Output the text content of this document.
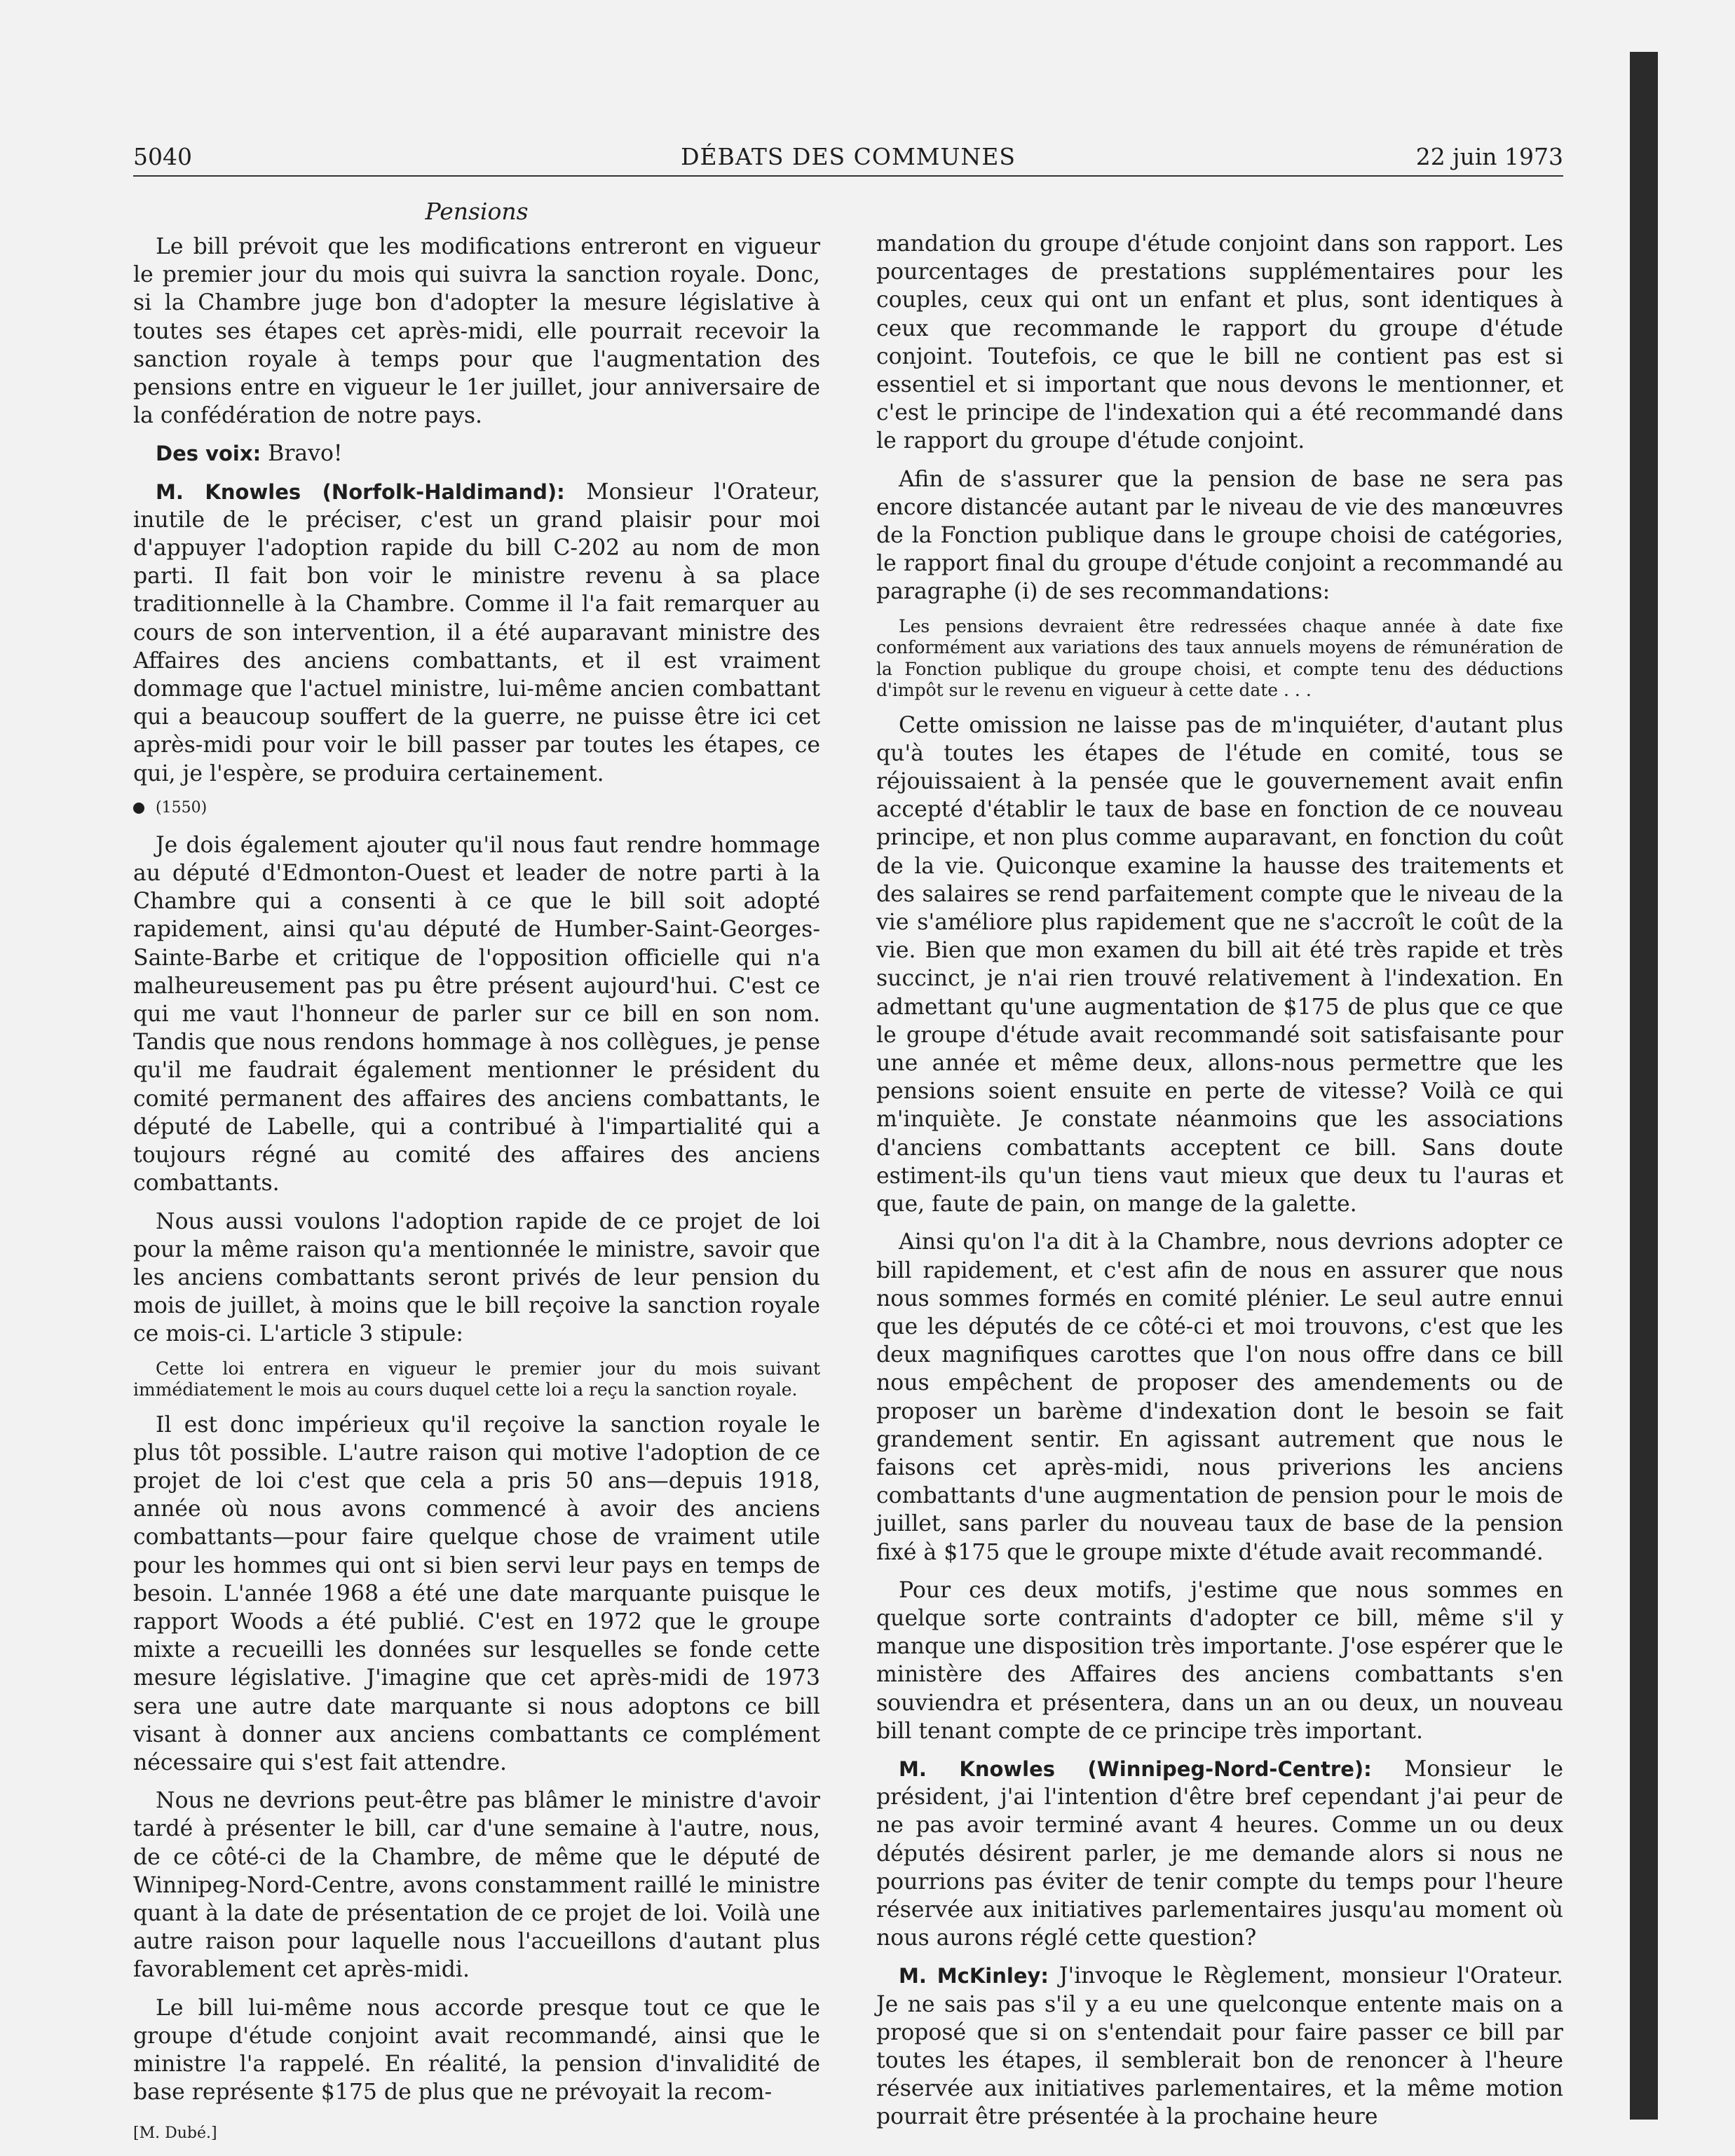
5040	DÉBATS DES COMMUNES	22 juin 1973
Pensions

Le bill prévoit que les modifications entreront en vigueur le premier jour du mois qui suivra la sanction royale. Donc, si la Chambre juge bon d'adopter la mesure législative à toutes ses étapes cet après-midi, elle pourrait recevoir la sanction royale à temps pour que l'augmentation des pensions entre en vigueur le 1er juillet, jour anniversaire de la confédération de notre pays.

Des voix: Bravo!

M. Knowles (Norfolk-Haldimand): Monsieur l'Orateur, inutile de le préciser, c'est un grand plaisir pour moi d'appuyer l'adoption rapide du bill C-202 au nom de mon parti. Il fait bon voir le ministre revenu à sa place traditionnelle à la Chambre. Comme il l'a fait remarquer au cours de son intervention, il a été auparavant ministre des Affaires des anciens combattants, et il est vraiment dommage que l'actuel ministre, lui-même ancien combattant qui a beaucoup souffert de la guerre, ne puisse être ici cet après-midi pour voir le bill passer par toutes les étapes, ce qui, je l'espère, se produira certainement.

(1550)

Je dois également ajouter qu'il nous faut rendre hommage au député d'Edmonton-Ouest et leader de notre parti à la Chambre qui a consenti à ce que le bill soit adopté rapidement, ainsi qu'au député de Humber-Saint-Georges-Sainte-Barbe et critique de l'opposition officielle qui n'a malheureusement pas pu être présent aujourd'hui. C'est ce qui me vaut l'honneur de parler sur ce bill en son nom. Tandis que nous rendons hommage à nos collègues, je pense qu'il me faudrait également mentionner le président du comité permanent des affaires des anciens combattants, le député de Labelle, qui a contribué à l'impartialité qui a toujours régné au comité des affaires des anciens combattants.

Nous aussi voulons l'adoption rapide de ce projet de loi pour la même raison qu'a mentionnée le ministre, savoir que les anciens combattants seront privés de leur pension du mois de juillet, à moins que le bill reçoive la sanction royale ce mois-ci. L'article 3 stipule:

Cette loi entrera en vigueur le premier jour du mois suivant immédiatement le mois au cours duquel cette loi a reçu la sanction royale.

Il est donc impérieux qu'il reçoive la sanction royale le plus tôt possible. L'autre raison qui motive l'adoption de ce projet de loi c'est que cela a pris 50 ans—depuis 1918, année où nous avons commencé à avoir des anciens combattants—pour faire quelque chose de vraiment utile pour les hommes qui ont si bien servi leur pays en temps de besoin. L'année 1968 a été une date marquante puisque le rapport Woods a été publié. C'est en 1972 que le groupe mixte a recueilli les données sur lesquelles se fonde cette mesure législative. J'imagine que cet après-midi de 1973 sera une autre date marquante si nous adoptons ce bill visant à donner aux anciens combattants ce complément nécessaire qui s'est fait attendre.

Nous ne devrions peut-être pas blâmer le ministre d'avoir tardé à présenter le bill, car d'une semaine à l'autre, nous, de ce côté-ci de la Chambre, de même que le député de Winnipeg-Nord-Centre, avons constamment raillé le ministre quant à la date de présentation de ce projet de loi. Voilà une autre raison pour laquelle nous l'accueillons d'autant plus favorablement cet après-midi.

Le bill lui-même nous accorde presque tout ce que le groupe d'étude conjoint avait recommandé, ainsi que le ministre l'a rappelé. En réalité, la pension d'invalidité de base représente $175 de plus que ne prévoyait la recom-

[M. Dubé.]

mandation du groupe d'étude conjoint dans son rapport. Les pourcentages de prestations supplémentaires pour les couples, ceux qui ont un enfant et plus, sont identiques à ceux que recommande le rapport du groupe d'étude conjoint. Toutefois, ce que le bill ne contient pas est si essentiel et si important que nous devons le mentionner, et c'est le principe de l'indexation qui a été recommandé dans le rapport du groupe d'étude conjoint.

Afin de s'assurer que la pension de base ne sera pas encore distancée autant par le niveau de vie des manœuvres de la Fonction publique dans le groupe choisi de catégories, le rapport final du groupe d'étude conjoint a recommandé au paragraphe (i) de ses recommandations:

Les pensions devraient être redressées chaque année à date fixe conformément aux variations des taux annuels moyens de rémunération de la Fonction publique du groupe choisi, et compte tenu des déductions d'impôt sur le revenu en vigueur à cette date . . .

Cette omission ne laisse pas de m'inquiéter, d'autant plus qu'à toutes les étapes de l'étude en comité, tous se réjouissaient à la pensée que le gouvernement avait enfin accepté d'établir le taux de base en fonction de ce nouveau principe, et non plus comme auparavant, en fonction du coût de la vie. Quiconque examine la hausse des traitements et des salaires se rend parfaitement compte que le niveau de la vie s'améliore plus rapidement que ne s'accroît le coût de la vie. Bien que mon examen du bill ait été très rapide et très succinct, je n'ai rien trouvé relativement à l'indexation. En admettant qu'une augmentation de $175 de plus que ce que le groupe d'étude avait recommandé soit satisfaisante pour une année et même deux, allons-nous permettre que les pensions soient ensuite en perte de vitesse? Voilà ce qui m'inquiète. Je constate néanmoins que les associations d'anciens combattants acceptent ce bill. Sans doute estiment-ils qu'un tiens vaut mieux que deux tu l'auras et que, faute de pain, on mange de la galette.

Ainsi qu'on l'a dit à la Chambre, nous devrions adopter ce bill rapidement, et c'est afin de nous en assurer que nous nous sommes formés en comité plénier. Le seul autre ennui que les députés de ce côté-ci et moi trouvons, c'est que les deux magnifiques carottes que l'on nous offre dans ce bill nous empêchent de proposer des amendements ou de proposer un barème d'indexation dont le besoin se fait grandement sentir. En agissant autrement que nous le faisons cet après-midi, nous priverions les anciens combattants d'une augmentation de pension pour le mois de juillet, sans parler du nouveau taux de base de la pension fixé à $175 que le groupe mixte d'étude avait recommandé.

Pour ces deux motifs, j'estime que nous sommes en quelque sorte contraints d'adopter ce bill, même s'il y manque une disposition très importante. J'ose espérer que le ministère des Affaires des anciens combattants s'en souviendra et présentera, dans un an ou deux, un nouveau bill tenant compte de ce principe très important.

M. Knowles (Winnipeg-Nord-Centre): Monsieur le président, j'ai l'intention d'être bref cependant j'ai peur de ne pas avoir terminé avant 4 heures. Comme un ou deux députés désirent parler, je me demande alors si nous ne pourrions pas éviter de tenir compte du temps pour l'heure réservée aux initiatives parlementaires jusqu'au moment où nous aurons réglé cette question?

M. McKinley: J'invoque le Règlement, monsieur l'Orateur. Je ne sais pas s'il y a eu une quelconque entente mais on a proposé que si on s'entendait pour faire passer ce bill par toutes les étapes, il semblerait bon de renoncer à l'heure réservée aux initiatives parlementaires, et la même motion pourrait être présentée à la prochaine heure
